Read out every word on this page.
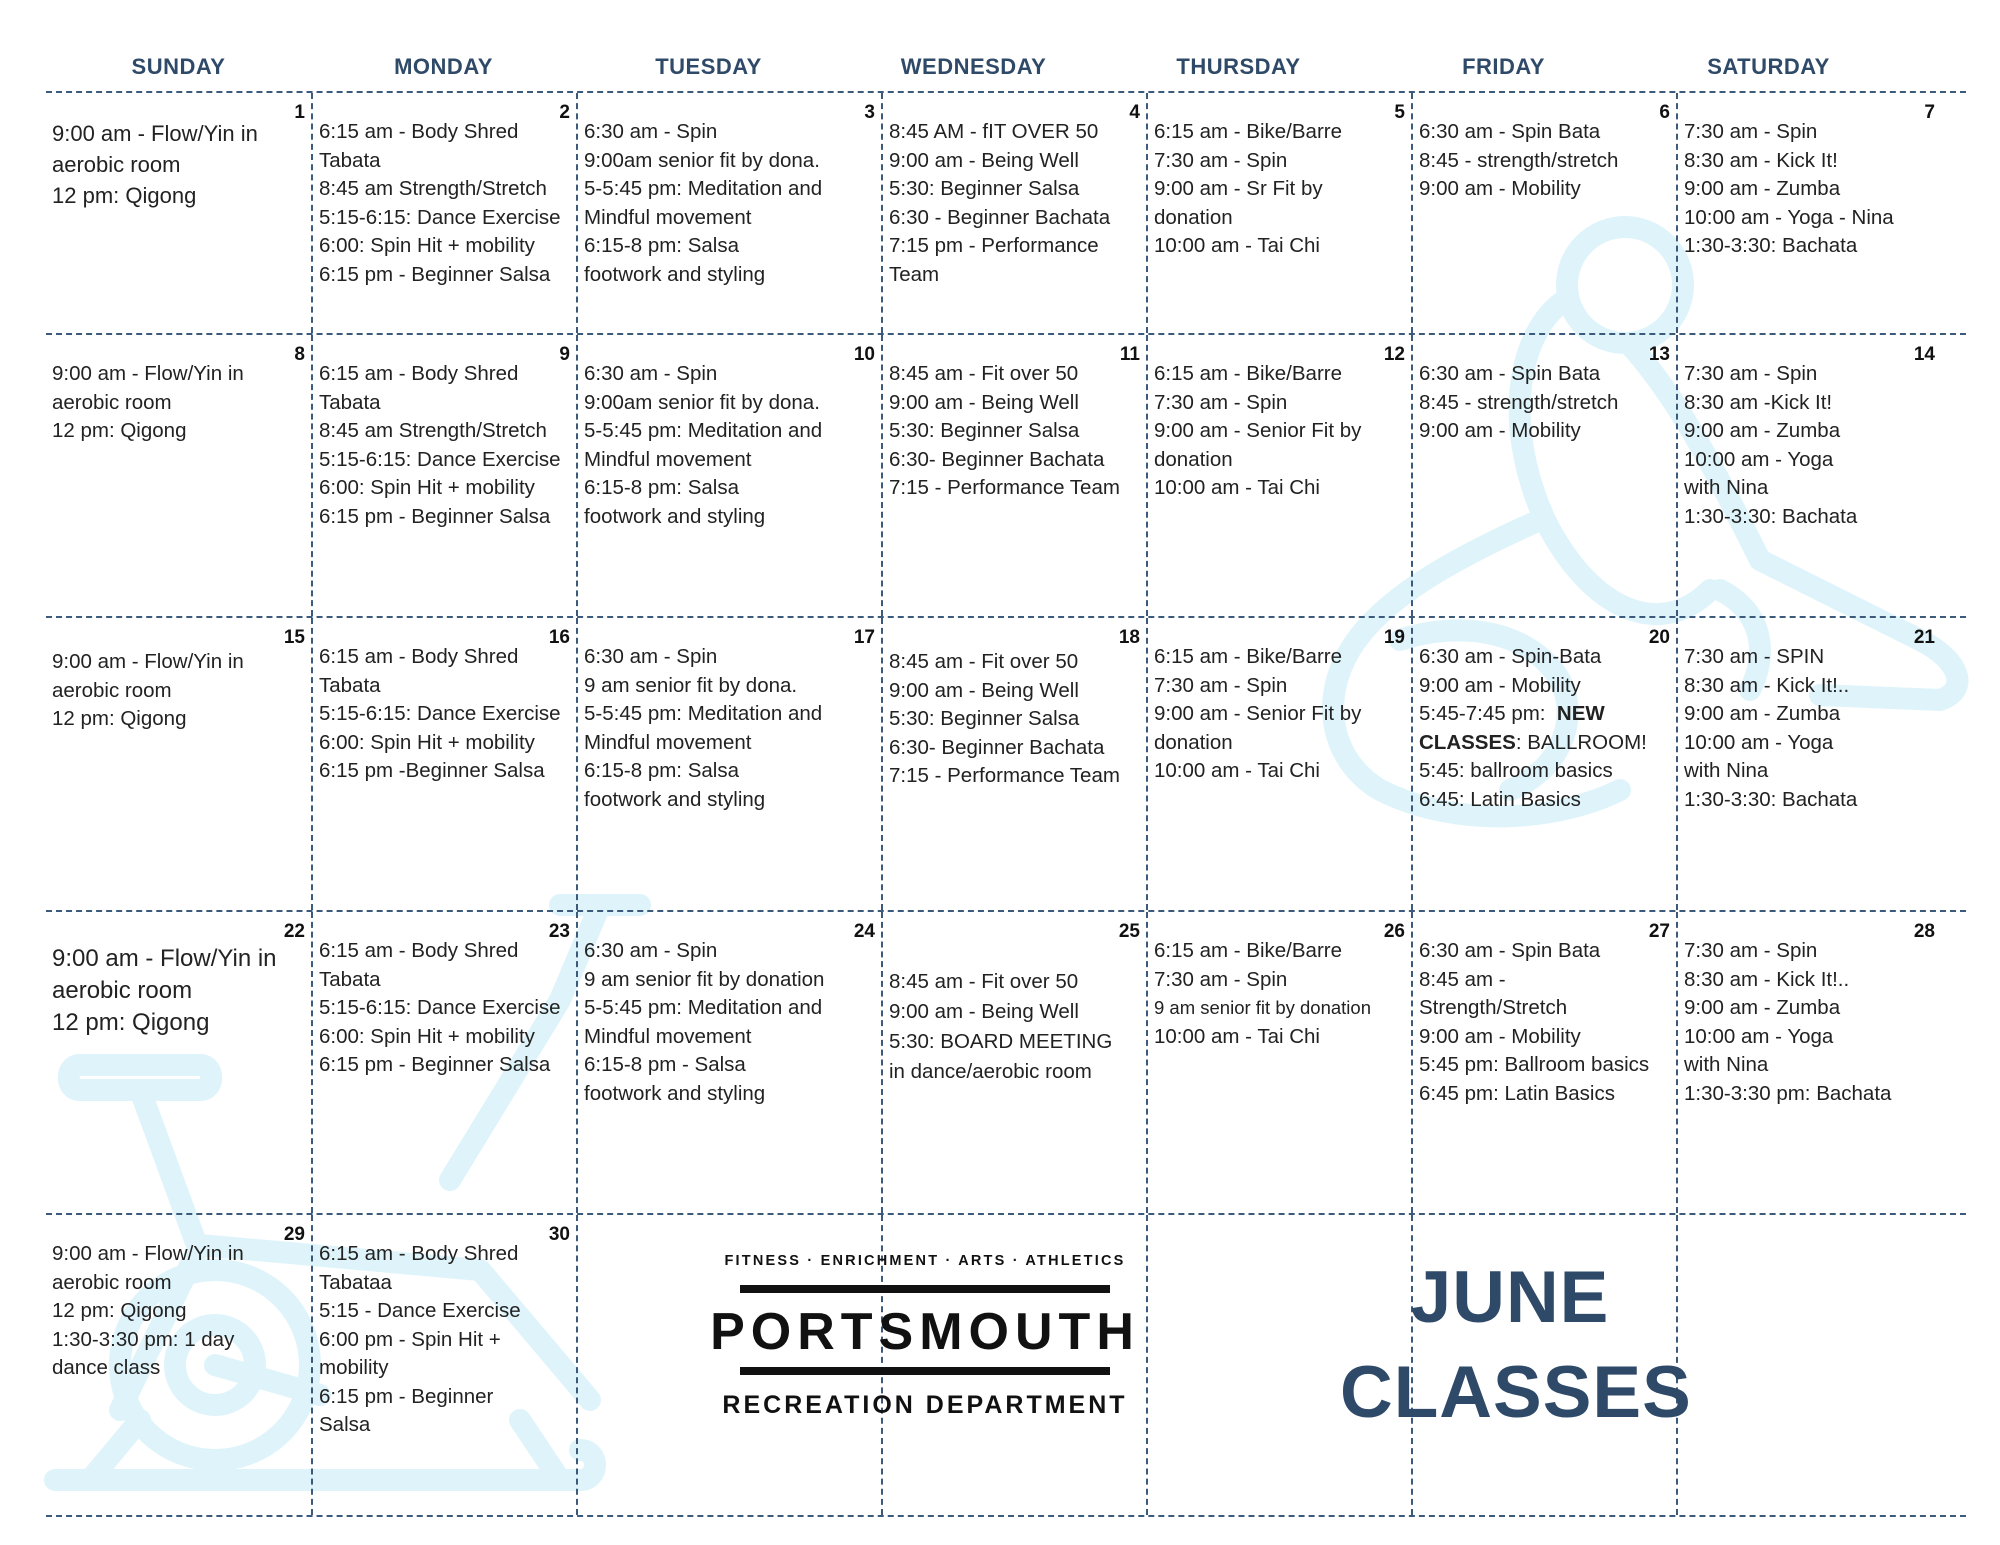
SUNDAY	MONDAY	TUESDAY	WEDNESDAY	THURSDAY	FRIDAY	SATURDAY
1
9:00 am - Flow/Yin in
aerobic room
12 pm: Qigong
2
6:15 am - Body Shred
Tabata
8:45 am Strength/Stretch
5:15-6:15: Dance Exercise
6:00: Spin Hit + mobility
6:15 pm - Beginner Salsa
3
6:30 am - Spin
9:00am senior fit by dona.
5-5:45 pm: Meditation and
Mindful movement
6:15-8 pm: Salsa
footwork and styling
4
8:45 AM - fIT OVER 50
9:00 am - Being Well
5:30: Beginner Salsa
6:30 - Beginner Bachata
7:15 pm - Performance
Team
5
6:15 am - Bike/Barre
7:30 am - Spin
9:00 am - Sr Fit by
donation
10:00 am - Tai Chi
6
6:30 am - Spin Bata
8:45 - strength/stretch
9:00 am - Mobility
7
7:30 am - Spin
8:30 am - Kick It!
9:00 am - Zumba
10:00 am - Yoga - Nina
1:30-3:30: Bachata
8
9:00 am - Flow/Yin in
aerobic room
12 pm: Qigong
9
6:15 am - Body Shred
Tabata
8:45 am Strength/Stretch
5:15-6:15: Dance Exercise
6:00: Spin Hit + mobility
6:15 pm - Beginner Salsa
10
6:30 am - Spin
9:00am senior fit by dona.
5-5:45 pm: Meditation and
Mindful movement
6:15-8 pm: Salsa
footwork and styling
11
8:45 am - Fit over 50
9:00 am - Being Well
5:30: Beginner Salsa
6:30- Beginner Bachata
7:15 - Performance Team
12
6:15 am - Bike/Barre
7:30 am - Spin
9:00 am - Senior Fit by
donation
10:00 am - Tai Chi
13
6:30 am - Spin Bata
8:45 - strength/stretch
9:00 am - Mobility
14
7:30 am - Spin
8:30 am -Kick It!
9:00 am - Zumba
10:00 am - Yoga
with Nina
1:30-3:30: Bachata
15
9:00 am - Flow/Yin in
aerobic room
12 pm: Qigong
16
6:15 am - Body Shred
Tabata
5:15-6:15: Dance Exercise
6:00: Spin Hit + mobility
6:15 pm -Beginner Salsa
17
6:30 am - Spin
9 am senior fit by dona.
5-5:45 pm: Meditation and
Mindful movement
6:15-8 pm: Salsa
footwork and styling
18
8:45 am - Fit over 50
9:00 am - Being Well
5:30: Beginner Salsa
6:30- Beginner Bachata
7:15 - Performance Team
19
6:15 am - Bike/Barre
7:30 am - Spin
9:00 am - Senior Fit by
donation
10:00 am - Tai Chi
20
6:30 am - Spin-Bata
9:00 am - Mobility
5:45-7:45 pm:  NEW
CLASSES: BALLROOM!
5:45: ballroom basics
6:45: Latin Basics
21
7:30 am - SPIN
8:30 am - Kick It!..
9:00 am - Zumba
10:00 am - Yoga
with Nina
1:30-3:30: Bachata
22
9:00 am - Flow/Yin in
aerobic room
12 pm: Qigong
23
6:15 am - Body Shred
Tabata
5:15-6:15: Dance Exercise
6:00: Spin Hit + mobility
6:15 pm - Beginner Salsa
24
6:30 am - Spin
9 am senior fit by donation
5-5:45 pm: Meditation and
Mindful movement
6:15-8 pm - Salsa
footwork and styling
25
8:45 am - Fit over 50
9:00 am - Being Well
5:30: BOARD MEETING
in dance/aerobic room
26
6:15 am - Bike/Barre
7:30 am - Spin
9 am senior fit by donation
10:00 am - Tai Chi
27
6:30 am - Spin Bata
8:45 am -
Strength/Stretch
9:00 am - Mobility
5:45 pm: Ballroom basics
6:45 pm: Latin Basics
28
7:30 am - Spin
8:30 am - Kick It!..
9:00 am - Zumba
10:00 am - Yoga
with Nina
1:30-3:30 pm: Bachata
29
9:00 am - Flow/Yin in
aerobic room
12 pm: Qigong
1:30-3:30 pm: 1 day
dance class
30
6:15 am - Body Shred
Tabataa
5:15 - Dance Exercise
6:00 pm - Spin Hit +
mobility
6:15 pm - Beginner
Salsa
FITNESS · ENRICHMENT · ARTS · ATHLETICS
PORTSMOUTH
RECREATION DEPARTMENT
JUNE
CLASSES
